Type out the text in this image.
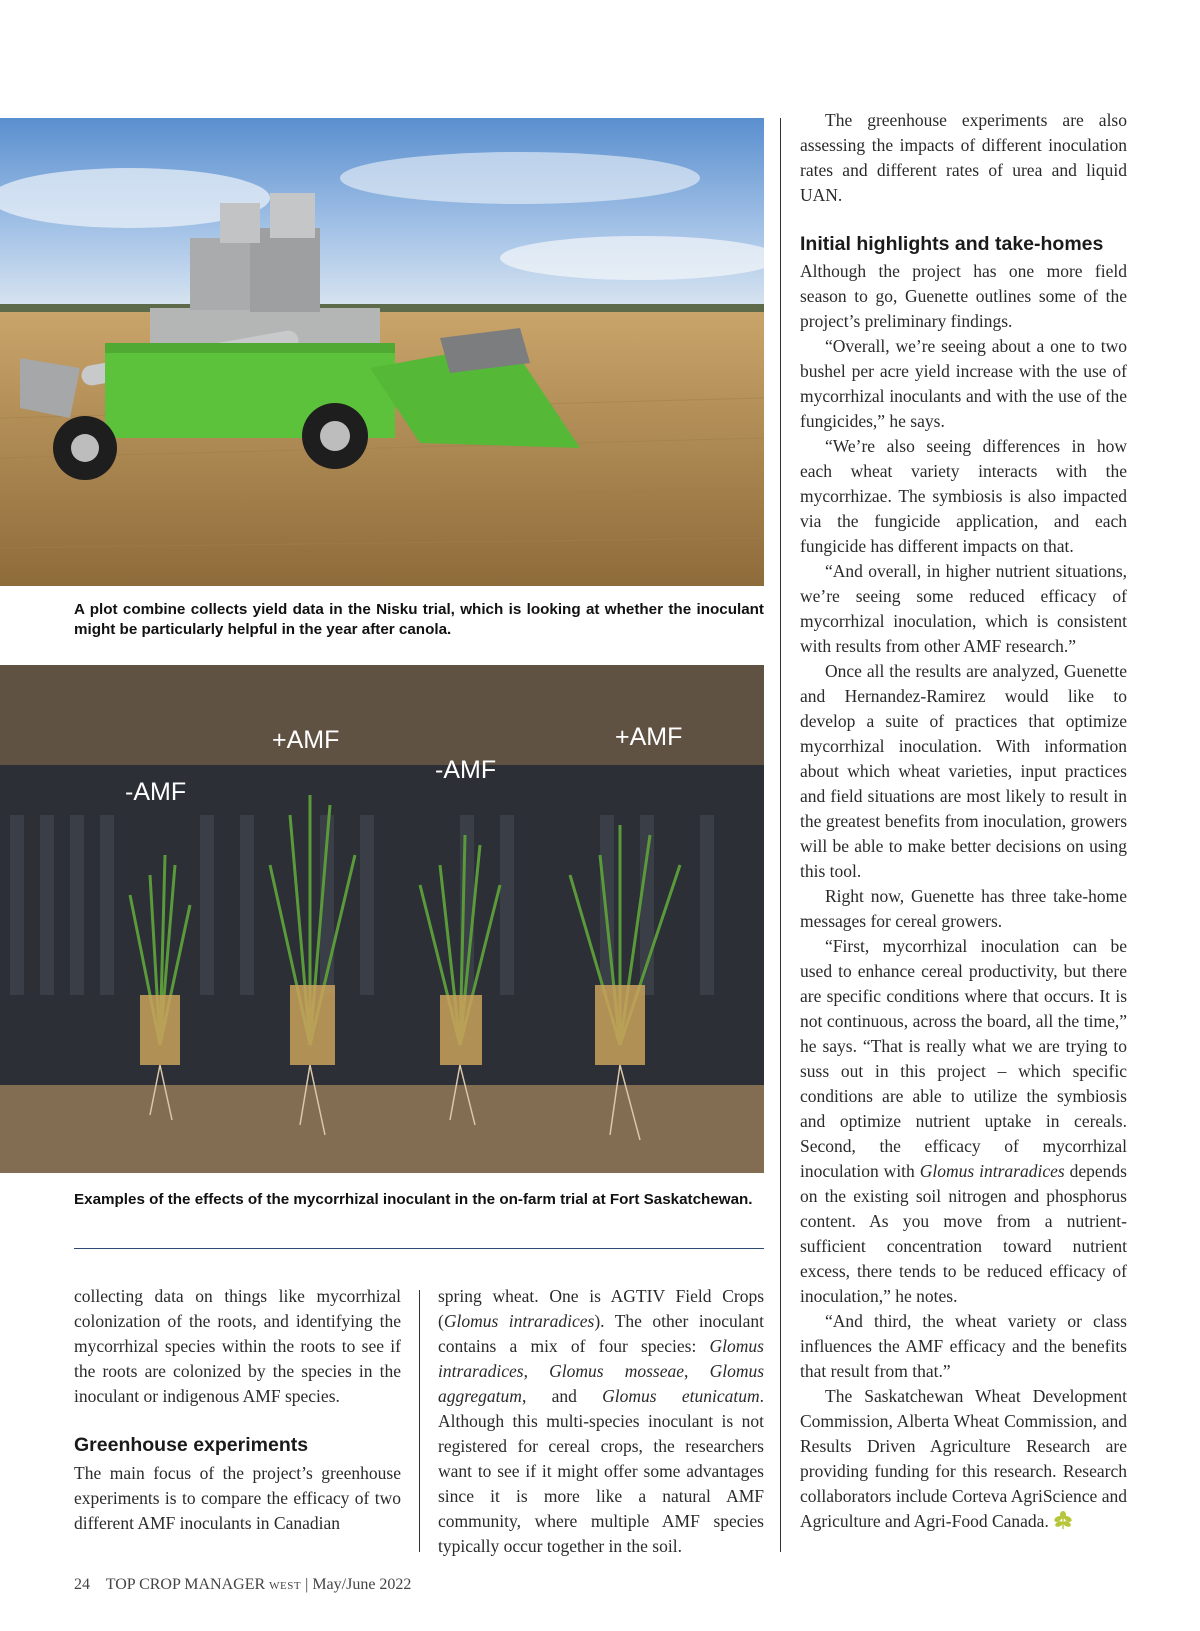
A plot combine collects yield data in the Nisku trial, which is looking at whether the inoculant might be particularly helpful in the year after canola.
+AMF	+AMF
-AMF
-AMF
Examples of the effects of the mycorrhizal inoculant in the on-farm trial at Fort Saskatchewan.

collecting data on things like mycorrhizal colonization of the roots, and identifying the mycorrhizal species within the roots to see if the roots are colonized by the species in the inoculant or indigenous AMF species.

Greenhouse experiments

The main focus of the project’s greenhouse experiments is to compare the efficacy of two different AMF inoculants in Canadian

spring wheat. One is AGTIV Field Crops (Glomus intraradices). The other inoculant contains a mix of four species: Glomus intraradices, Glomus mosseae, Glomus aggregatum, and Glomus etunicatum. Although this multi-species inoculant is not registered for cereal crops, the researchers want to see if it might offer some advantages since it is more like a natural AMF community, where multiple AMF species typically occur together in the soil.

The greenhouse experiments are also assessing the impacts of different inoculation rates and different rates of urea and liquid UAN.

Initial highlights and take-homes

Although the project has one more field season to go, Guenette outlines some of the project’s preliminary findings.

“Overall, we’re seeing about a one to two bushel per acre yield increase with the use of mycorrhizal inoculants and with the use of the fungicides,” he says.

“We’re also seeing differences in how each wheat variety interacts with the mycorrhizae. The symbiosis is also impacted via the fungicide application, and each fungicide has different impacts on that.

“And overall, in higher nutrient situations, we’re seeing some reduced efficacy of mycorrhizal inoculation, which is consistent with results from other AMF research.”

Once all the results are analyzed, Guenette and Hernandez-Ramirez would like to develop a suite of practices that optimize mycorrhizal inoculation. With information about which wheat varieties, input practices and field situations are most likely to result in the greatest benefits from inoculation, growers will be able to make better decisions on using this tool.

Right now, Guenette has three take-home messages for cereal growers.

“First, mycorrhizal inoculation can be used to enhance cereal productivity, but there are specific conditions where that occurs. It is not continuous, across the board, all the time,” he says. “That is really what we are trying to suss out in this project – which specific conditions are able to utilize the symbiosis and optimize nutrient uptake in cereals. Second, the efficacy of mycorrhizal inoculation with Glomus intraradices depends on the existing soil nitrogen and phosphorus content. As you move from a nutrient-sufficient concentration toward nutrient excess, there tends to be reduced efficacy of inoculation,” he notes.

“And third, the wheat variety or class influences the AMF efficacy and the benefits that result from that.”

The Saskatchewan Wheat Development Commission, Alberta Wheat Commission, and Results Driven Agriculture Research are providing funding for this research. Research collaborators include Corteva AgriScience and Agriculture and Agri-Food Canada.

24 TOP CROP MANAGER WEST | May/June 2022
